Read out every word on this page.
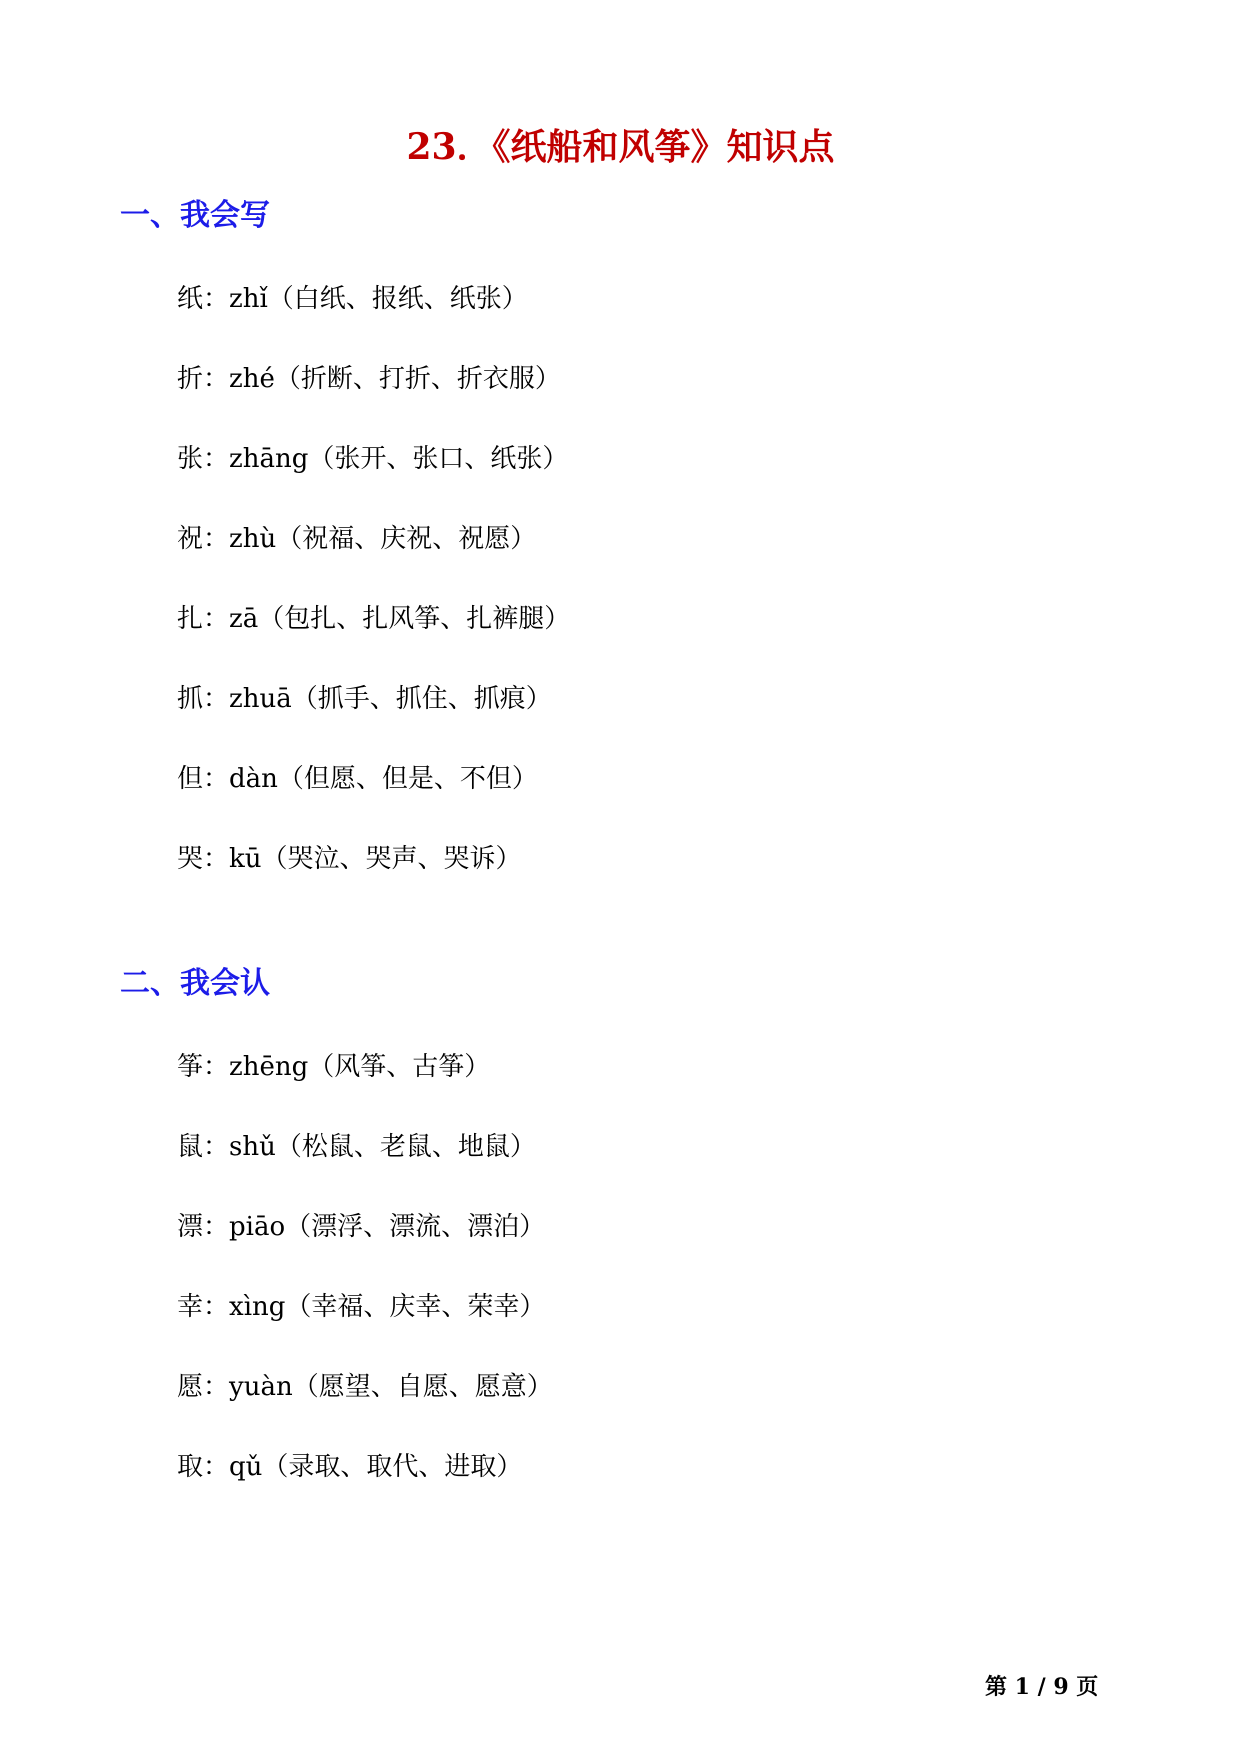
23．《纸船和风筝》知识点
一、我会写
纸：zhǐ（白纸、报纸、纸张）
折：zhé（折断、打折、折衣服）
张：zhāng（张开、张口、纸张）
祝：zhù（祝福、庆祝、祝愿）
扎：zā（包扎、扎风筝、扎裤腿）
抓：zhuā（抓手、抓住、抓痕）
但：dàn（但愿、但是、不但）
哭：kū（哭泣、哭声、哭诉）
二、我会认
筝：zhēng（风筝、古筝）
鼠：shǔ（松鼠、老鼠、地鼠）
漂：piāo（漂浮、漂流、漂泊）
幸：xìng（幸福、庆幸、荣幸）
愿：yuàn（愿望、自愿、愿意）
取：qǔ（录取、取代、进取）
第 1 / 9 页
